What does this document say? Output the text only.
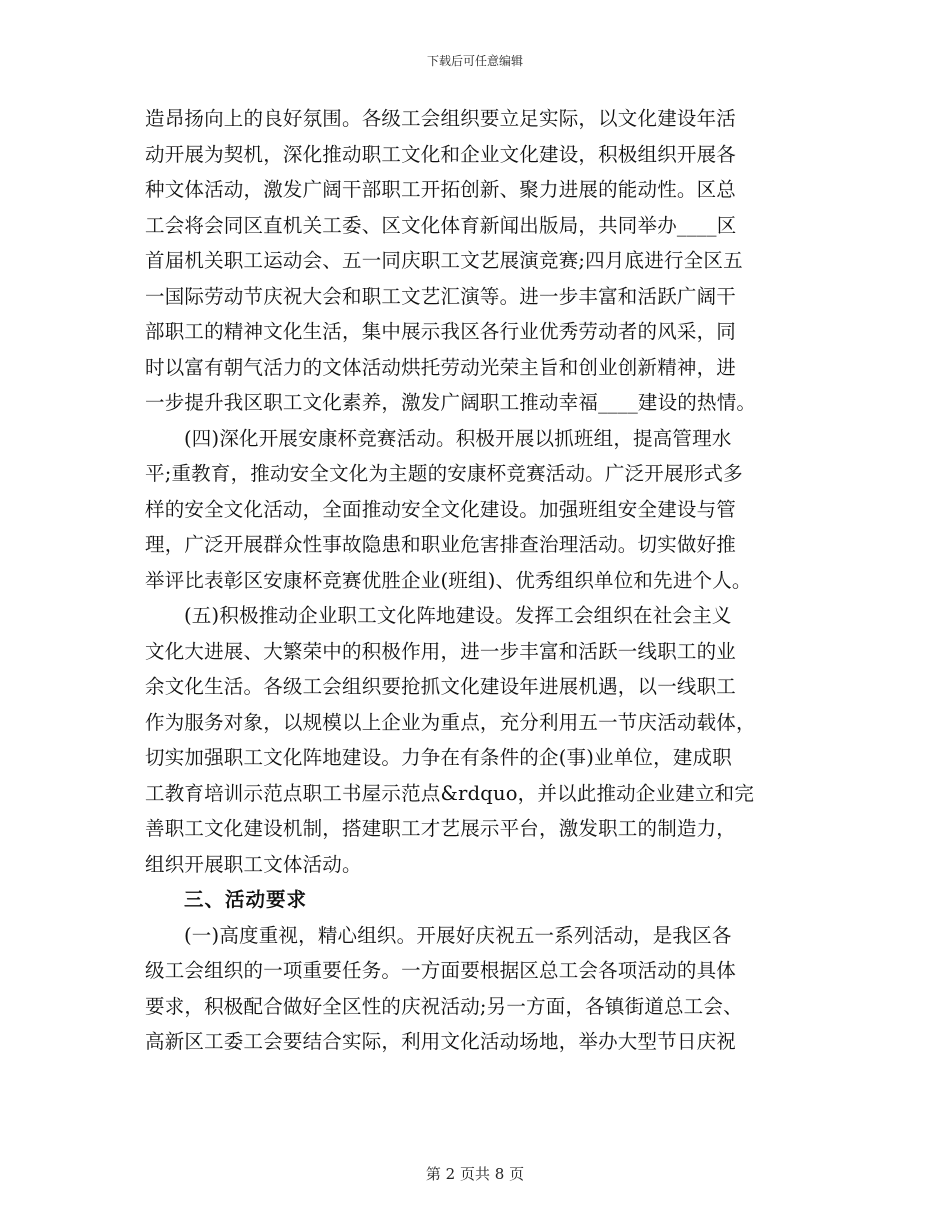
下载后可任意编辑
造昂扬向上的良好氛围。各级工会组织要立足实际，以文化建设年活
动开展为契机，深化推动职工文化和企业文化建设，积极组织开展各
种文体活动，激发广阔干部职工开拓创新、聚力进展的能动性。区总
工会将会同区直机关工委、区文化体育新闻出版局，共同举办____区
首届机关职工运动会、五一同庆职工文艺展演竞赛;四月底进行全区五
一国际劳动节庆祝大会和职工文艺汇演等。进一步丰富和活跃广阔干
部职工的精神文化生活，集中展示我区各行业优秀劳动者的风采，同
时以富有朝气活力的文体活动烘托劳动光荣主旨和创业创新精神，进
一步提升我区职工文化素养，激发广阔职工推动幸福____建设的热情。
(四)深化开展安康杯竞赛活动。积极开展以抓班组，提高管理水
平;重教育，推动安全文化为主题的安康杯竞赛活动。广泛开展形式多
样的安全文化活动，全面推动安全文化建设。加强班组安全建设与管
理，广泛开展群众性事故隐患和职业危害排查治理活动。切实做好推
举评比表彰区安康杯竞赛优胜企业(班组)、优秀组织单位和先进个人。
(五)积极推动企业职工文化阵地建设。发挥工会组织在社会主义
文化大进展、大繁荣中的积极作用，进一步丰富和活跃一线职工的业
余文化生活。各级工会组织要抢抓文化建设年进展机遇，以一线职工
作为服务对象，以规模以上企业为重点，充分利用五一节庆活动载体，
切实加强职工文化阵地建设。力争在有条件的企(事)业单位，建成职
工教育培训示范点职工书屋示范点&rdquo，并以此推动企业建立和完
善职工文化建设机制，搭建职工才艺展示平台，激发职工的制造力，
组织开展职工文体活动。
三、活动要求
(一)高度重视，精心组织。开展好庆祝五一系列活动，是我区各
级工会组织的一项重要任务。一方面要根据区总工会各项活动的具体
要求，积极配合做好全区性的庆祝活动;另一方面，各镇街道总工会、
高新区工委工会要结合实际，利用文化活动场地，举办大型节日庆祝
第 2 页共 8 页
